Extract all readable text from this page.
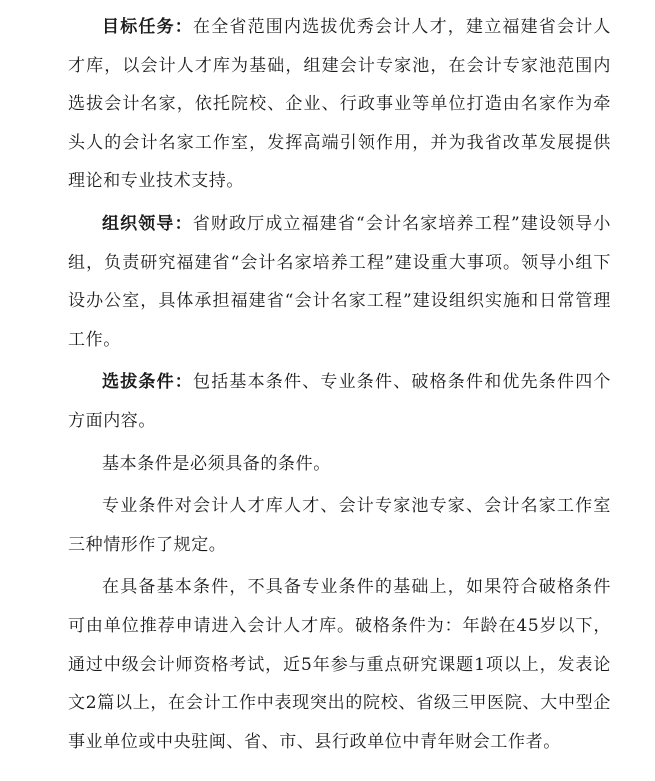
目标任务：在全省范围内选拔优秀会计人才，建立福建省会计人才库，以会计人才库为基础，组建会计专家池，在会计专家池范围内选拔会计名家，依托院校、企业、行政事业等单位打造由名家作为牵头人的会计名家工作室，发挥高端引领作用，并为我省改革发展提供理论和专业技术支持。

组织领导：省财政厅成立福建省“会计名家培养工程”建设领导小组，负责研究福建省“会计名家培养工程”建设重大事项。领导小组下设办公室，具体承担福建省“会计名家工程”建设组织实施和日常管理工作。

选拔条件：包括基本条件、专业条件、破格条件和优先条件四个方面内容。

基本条件是必须具备的条件。

专业条件对会计人才库人才、会计专家池专家、会计名家工作室三种情形作了规定。

在具备基本条件，不具备专业条件的基础上，如果符合破格条件可由单位推荐申请进入会计人才库。破格条件为：年龄在45岁以下，通过中级会计师资格考试，近5年参与重点研究课题1项以上，发表论文2篇以上，在会计工作中表现突出的院校、省级三甲医院、大中型企事业单位或中央驻闽、省、市、县行政单位中青年财会工作者。
